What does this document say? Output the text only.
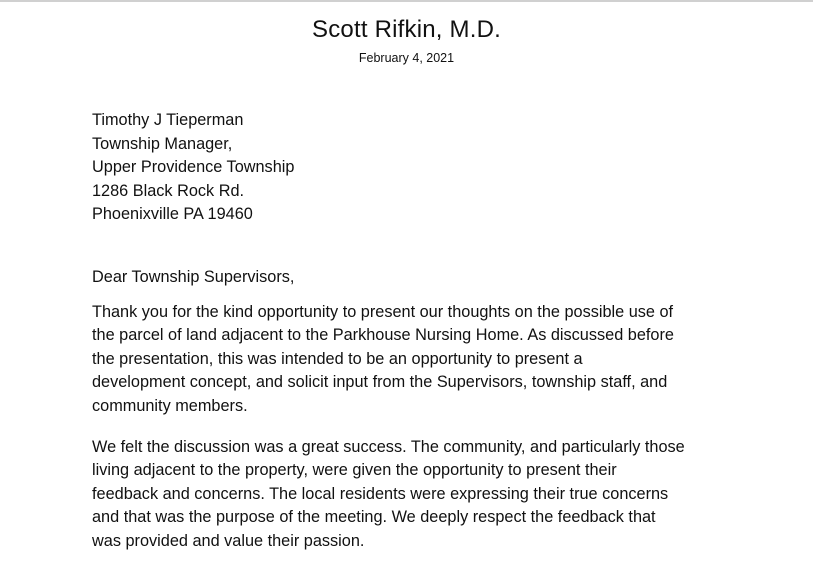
Scott Rifkin, M.D.
February 4, 2021
Timothy J Tieperman
Township Manager,
Upper Providence Township
1286 Black Rock Rd.
Phoenixville PA 19460
Dear Township Supervisors,
Thank you for the kind opportunity to present our thoughts on the possible use of
the parcel of land adjacent to the Parkhouse Nursing Home. As discussed before
the presentation, this was intended to be an opportunity to present a
development concept, and solicit input from the Supervisors, township staff, and
community members.
We felt the discussion was a great success. The community, and particularly those
living adjacent to the property, were given the opportunity to present their
feedback and concerns. The local residents were expressing their true concerns
and that was the purpose of the meeting. We deeply respect the feedback that
was provided and value their passion.
